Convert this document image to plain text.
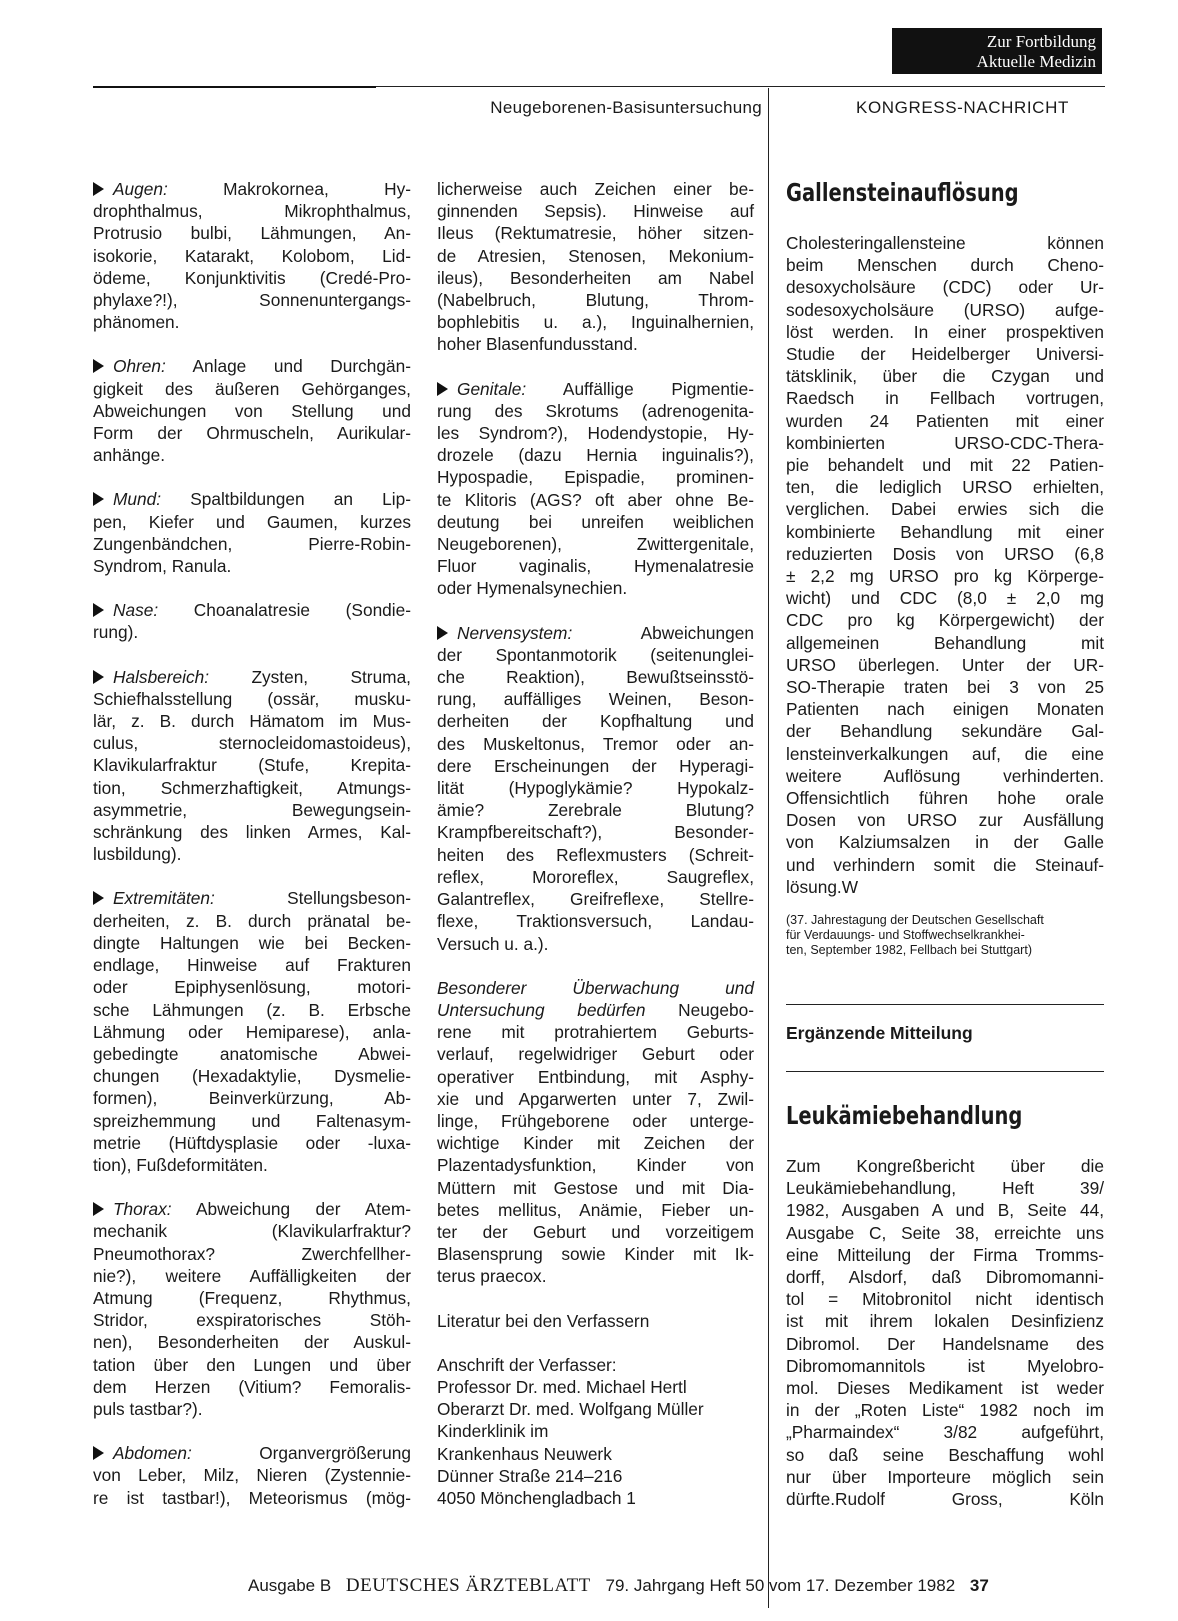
Zur Fortbildung
Aktuelle Medizin
Neugeborenen-Basisuntersuchung	KONGRESS-NACHRICHT

Augen: Makrokornea, Hy-
drophthalmus, Mikrophthalmus,
Protrusio bulbi, Lähmungen, An-
isokorie, Katarakt, Kolobom, Lid-
ödeme, Konjunktivitis (Credé-Pro-
phylaxe?!), Sonnenuntergangs-
phänomen.

Ohren: Anlage und Durchgän-
gigkeit des äußeren Gehörganges,
Abweichungen von Stellung und
Form der Ohrmuscheln, Aurikular-
anhänge.

Mund: Spaltbildungen an Lip-
pen, Kiefer und Gaumen, kurzes
Zungenbändchen, Pierre-Robin-
Syndrom, Ranula.

Nase: Choanalatresie (Sondie-
rung).

Halsbereich: Zysten, Struma,
Schiefhalsstellung (ossär, musku-
lär, z. B. durch Hämatom im Mus-
culus, sternocleidomastoideus),
Klavikularfraktur (Stufe, Krepita-
tion, Schmerzhaftigkeit, Atmungs-
asymmetrie, Bewegungsein-
schränkung des linken Armes, Kal-
lusbildung).

Extremitäten: Stellungsbeson-
derheiten, z. B. durch pränatal be-
dingte Haltungen wie bei Becken-
endlage, Hinweise auf Frakturen
oder Epiphysenlösung, motori-
sche Lähmungen (z. B. Erbsche
Lähmung oder Hemiparese), anla-
gebedingte anatomische Abwei-
chungen (Hexadaktylie, Dysmelie-
formen), Beinverkürzung, Ab-
spreizhemmung und Faltenasym-
metrie (Hüftdysplasie oder -luxa-
tion), Fußdeformitäten.

Thorax: Abweichung der Atem-
mechanik (Klavikularfraktur?
Pneumothorax? Zwerchfellher-
nie?), weitere Auffälligkeiten der
Atmung (Frequenz, Rhythmus,
Stridor, exspiratorisches Stöh-
nen), Besonderheiten der Auskul-
tation über den Lungen und über
dem Herzen (Vitium? Femoralis-
puls tastbar?).

Abdomen: Organvergrößerung
von Leber, Milz, Nieren (Zystennie-
re ist tastbar!), Meteorismus (mög-

licherweise auch Zeichen einer be-
ginnenden Sepsis). Hinweise auf
Ileus (Rektumatresie, höher sitzen-
de Atresien, Stenosen, Mekonium-
ileus), Besonderheiten am Nabel
(Nabelbruch, Blutung, Throm-
bophlebitis u. a.), Inguinalhernien,
hoher Blasenfundusstand.

Genitale: Auffällige Pigmentie-
rung des Skrotums (adrenogenita-
les Syndrom?), Hodendystopie, Hy-
drozele (dazu Hernia inguinalis?),
Hypospadie, Epispadie, prominen-
te Klitoris (AGS? oft aber ohne Be-
deutung bei unreifen weiblichen
Neugeborenen), Zwittergenitale,
Fluor vaginalis, Hymenalatresie
oder Hymenalsynechien.

Nervensystem: Abweichungen
der Spontanmotorik (seitenunglei-
che Reaktion), Bewußtseinsstö-
rung, auffälliges Weinen, Beson-
derheiten der Kopfhaltung und
des Muskeltonus, Tremor oder an-
dere Erscheinungen der Hyperagi-
lität (Hypoglykämie? Hypokalz-
ämie? Zerebrale Blutung?
Krampfbereitschaft?), Besonder-
heiten des Reflexmusters (Schreit-
reflex, Mororeflex, Saugreflex,
Galantreflex, Greifreflexe, Stellre-
flexe, Traktionsversuch, Landau-
Versuch u. a.).

Besonderer Überwachung und
Untersuchung bedürfen Neugebo-
rene mit protrahiertem Geburts-
verlauf, regelwidriger Geburt oder
operativer Entbindung, mit Asphy-
xie und Apgarwerten unter 7, Zwil-
linge, Frühgeborene oder unterge-
wichtige Kinder mit Zeichen der
Plazentadysfunktion, Kinder von
Müttern mit Gestose und mit Dia-
betes mellitus, Anämie, Fieber un-
ter der Geburt und vorzeitigem
Blasensprung sowie Kinder mit Ik-
terus praecox.

Literatur bei den Verfassern

Anschrift der Verfasser:
Professor Dr. med. Michael Hertl
Oberarzt Dr. med. Wolfgang Müller
Kinderklinik im
Krankenhaus Neuwerk
Dünner Straße 214–216
4050 Mönchengladbach 1

Gallensteinauflösung

Cholesteringallensteine können
beim Menschen durch Cheno-
desoxycholsäure (CDC) oder Ur-
sodesoxycholsäure (URSO) aufge-
löst werden. In einer prospektiven
Studie der Heidelberger Universi-
tätsklinik, über die Czygan und
Raedsch in Fellbach vortrugen,
wurden 24 Patienten mit einer
kombinierten URSO-CDC-Thera-
pie behandelt und mit 22 Patien-
ten, die lediglich URSO erhielten,
verglichen. Dabei erwies sich die
kombinierte Behandlung mit einer
reduzierten Dosis von URSO (6,8
± 2,2 mg URSO pro kg Körperge-
wicht) und CDC (8,0 ± 2,0 mg
CDC pro kg Körpergewicht) der
allgemeinen Behandlung mit
URSO überlegen. Unter der UR-
SO-Therapie traten bei 3 von 25
Patienten nach einigen Monaten
der Behandlung sekundäre Gal-
lensteinverkalkungen auf, die eine
weitere Auflösung verhinderten.
Offensichtlich führen hohe orale
Dosen von URSO zur Ausfällung
von Kalziumsalzen in der Galle
und verhindern somit die Steinauf-
lösung.W

(37. Jahrestagung der Deutschen Gesellschaft
für Verdauungs- und Stoffwechselkrankhei-
ten, September 1982, Fellbach bei Stuttgart)
Ergänzende Mitteilung
Leukämiebehandlung

Zum Kongreßbericht über die
Leukämiebehandlung, Heft 39/
1982, Ausgaben A und B, Seite 44,
Ausgabe C, Seite 38, erreichte uns
eine Mitteilung der Firma Tromms-
dorff, Alsdorf, daß Dibromomanni-
tol = Mitobronitol nicht identisch
ist mit ihrem lokalen Desinfizienz
Dibromol. Der Handelsname des
Dibromomannitols ist Myelobro-
mol. Dieses Medikament ist weder
in der „Roten Liste“ 1982 noch im
„Pharmaindex“ 3/82 aufgeführt,
so daß seine Beschaffung wohl
nur über Importeure möglich sein
dürfte.Rudolf Gross, Köln

Ausgabe B DEUTSCHES ÄRZTEBLATT 79. Jahrgang Heft 50 vom 17. Dezember 1982 37
